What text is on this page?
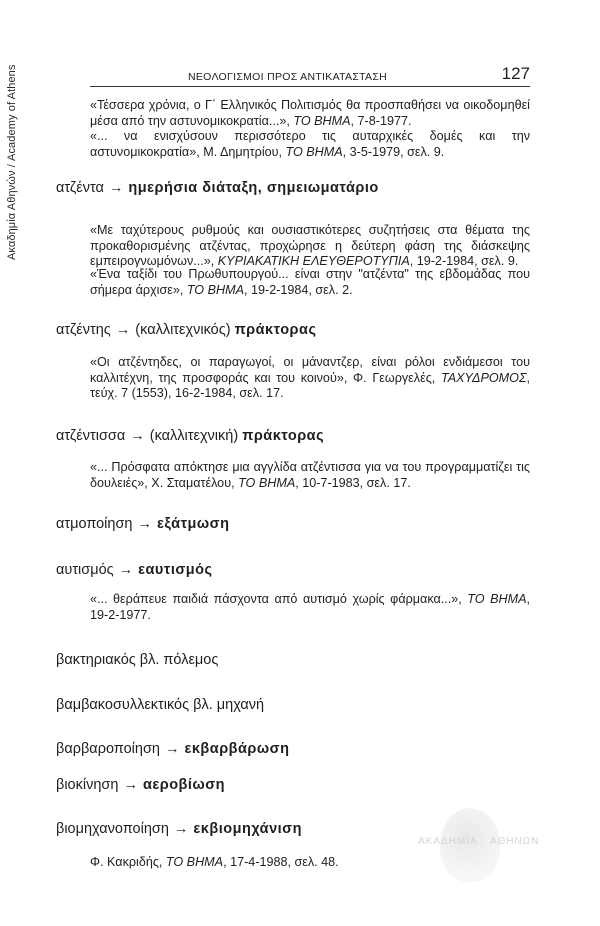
Ακαδημία Αθηνών / Academy of Athens	ΝΕΟΛΟΓΙΣΜΟΙ ΠΡΟΣ ΑΝΤΙΚΑΤΑΣΤΑΣΗ	127

«Τέσσερα χρόνια, ο Γ΄ Ελληνικός Πολιτισμός θα προσπαθήσει να οικοδομηθεί μέσα από την αστυνομικοκρατία...», ΤΟ ΒΗΜΑ, 7-8-1977.

«... να ενισχύσουν περισσότερο τις αυταρχικές δομές και την αστυνομικοκρατία», Μ. Δημητρίου, ΤΟ ΒΗΜΑ, 3-5-1979, σελ. 9.

ατζέντα → ημερήσια διάταξη, σημειωματάριο

«Με ταχύτερους ρυθμούς και ουσιαστικότερες συζητήσεις στα θέματα της προκαθορισμένης ατζέντας, προχώρησε η δεύτερη φάση της διάσκεψης εμπειρογνωμόνων...», ΚΥΡΙΑΚΑΤΙΚΗ ΕΛΕΥΘΕΡΟΤΥΠΙΑ, 19-2-1984, σελ. 9.

«Ένα ταξίδι του Πρωθυπουργού... είναι στην "ατζέντα" της εβδομάδας που σήμερα άρχισε», ΤΟ ΒΗΜΑ, 19-2-1984, σελ. 2.

ατζέντης → (καλλιτεχνικός) πράκτορας

«Οι ατζέντηδες, οι παραγωγοί, οι μάναντζερ, είναι ρόλοι ενδιάμεσοι του καλλιτέχνη, της προσφοράς και του κοινού», Φ. Γεωργελές, ΤΑΧΥΔΡΟΜΟΣ, τεύχ. 7 (1553), 16-2-1984, σελ. 17.

ατζέντισσα → (καλλιτεχνική) πράκτορας

«... Πρόσφατα απόκτησε μια αγγλίδα ατζέντισσα για να του προγραμματίζει τις δουλειές», Χ. Σταματέλου, ΤΟ ΒΗΜΑ, 10-7-1983, σελ. 17.

ατμοποίηση → εξάτμωση
αυτισμός → εαυτισμός

«... θεράπευε παιδιά πάσχοντα από αυτισμό χωρίς φάρμακα...», ΤΟ ΒΗΜΑ, 19-2-1977.

βακτηριακός βλ. πόλεμος
βαμβακοσυλλεκτικός βλ. μηχανή
βαρβαροποίηση → εκβαρβάρωση
βιοκίνηση → αεροβίωση
ΑΚΑΔΗΜΙΑ ΑΘΗΝΩΝ
βιομηχανοποίηση → εκβιομηχάνιση

Φ. Κακριδής, ΤΟ ΒΗΜΑ, 17-4-1988, σελ. 48.
